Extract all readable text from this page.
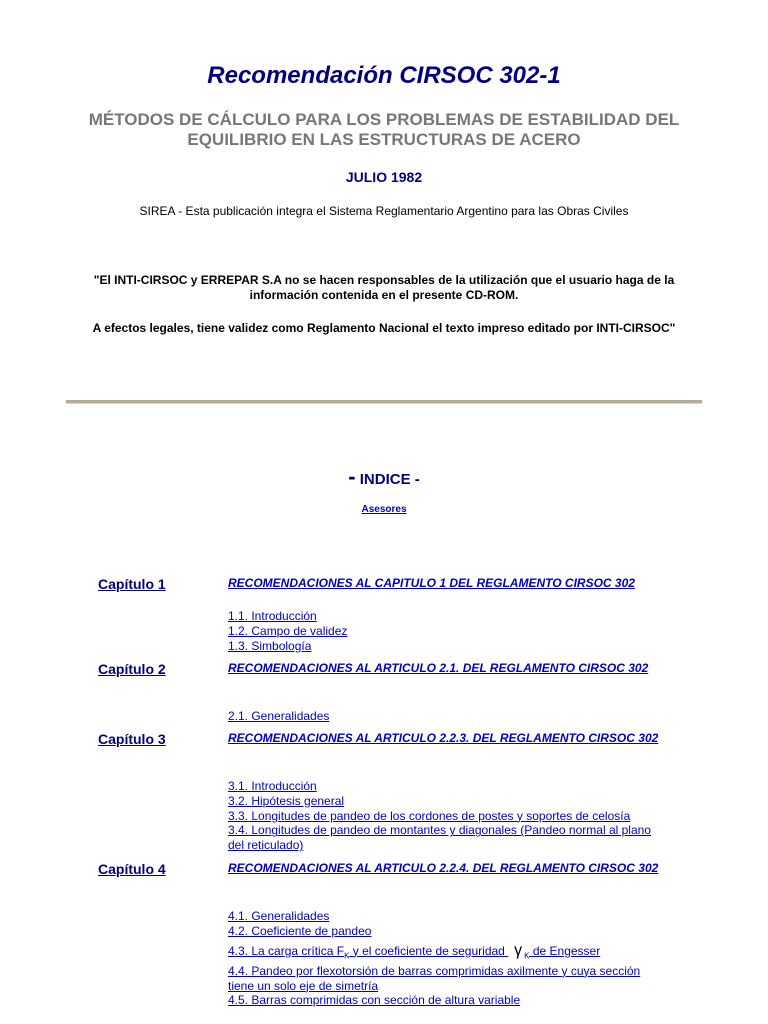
Recomendación CIRSOC 302-1
MÉTODOS DE CÁLCULO PARA LOS PROBLEMAS DE ESTABILIDAD DEL EQUILIBRIO EN LAS ESTRUCTURAS DE ACERO
JULIO 1982
SIREA - Esta publicación integra el Sistema Reglamentario Argentino para las Obras Civiles
"El INTI-CIRSOC y ERREPAR S.A no se hacen responsables de la utilización que el usuario haga de la información contenida en el presente CD-ROM.
A efectos legales, tiene validez como Reglamento Nacional el texto impreso editado por INTI-CIRSOC"
- INDICE -
Asesores
Capítulo 1	RECOMENDACIONES AL CAPITULO 1 DEL REGLAMENTO CIRSOC 302
1.1. Introducción
1.2. Campo de validez
1.3. Simbología
Capítulo 2	RECOMENDACIONES AL ARTICULO 2.1. DEL REGLAMENTO CIRSOC 302
2.1. Generalidades
Capítulo 3	RECOMENDACIONES AL ARTICULO 2.2.3. DEL REGLAMENTO CIRSOC 302
3.1. Introducción
3.2. Hipótesis general
3.3. Longitudes de pandeo de los cordones de postes y soportes de celosía
3.4. Longitudes de pandeo de montantes y diagonales (Pandeo normal al plano del reticulado)
Capítulo 4	RECOMENDACIONES AL ARTICULO 2.2.4. DEL REGLAMENTO CIRSOC 302
4.1. Generalidades
4.2. Coeficiente de pandeo
4.3. La carga crítica $F_K$ y el coeficiente de seguridad γ $_K$ de Engesser
4.4. Pandeo por flexotorsión de barras comprimidas axilmente y cuya sección tiene un solo eje de simetría
4.5. Barras comprimidas con sección de altura variable
